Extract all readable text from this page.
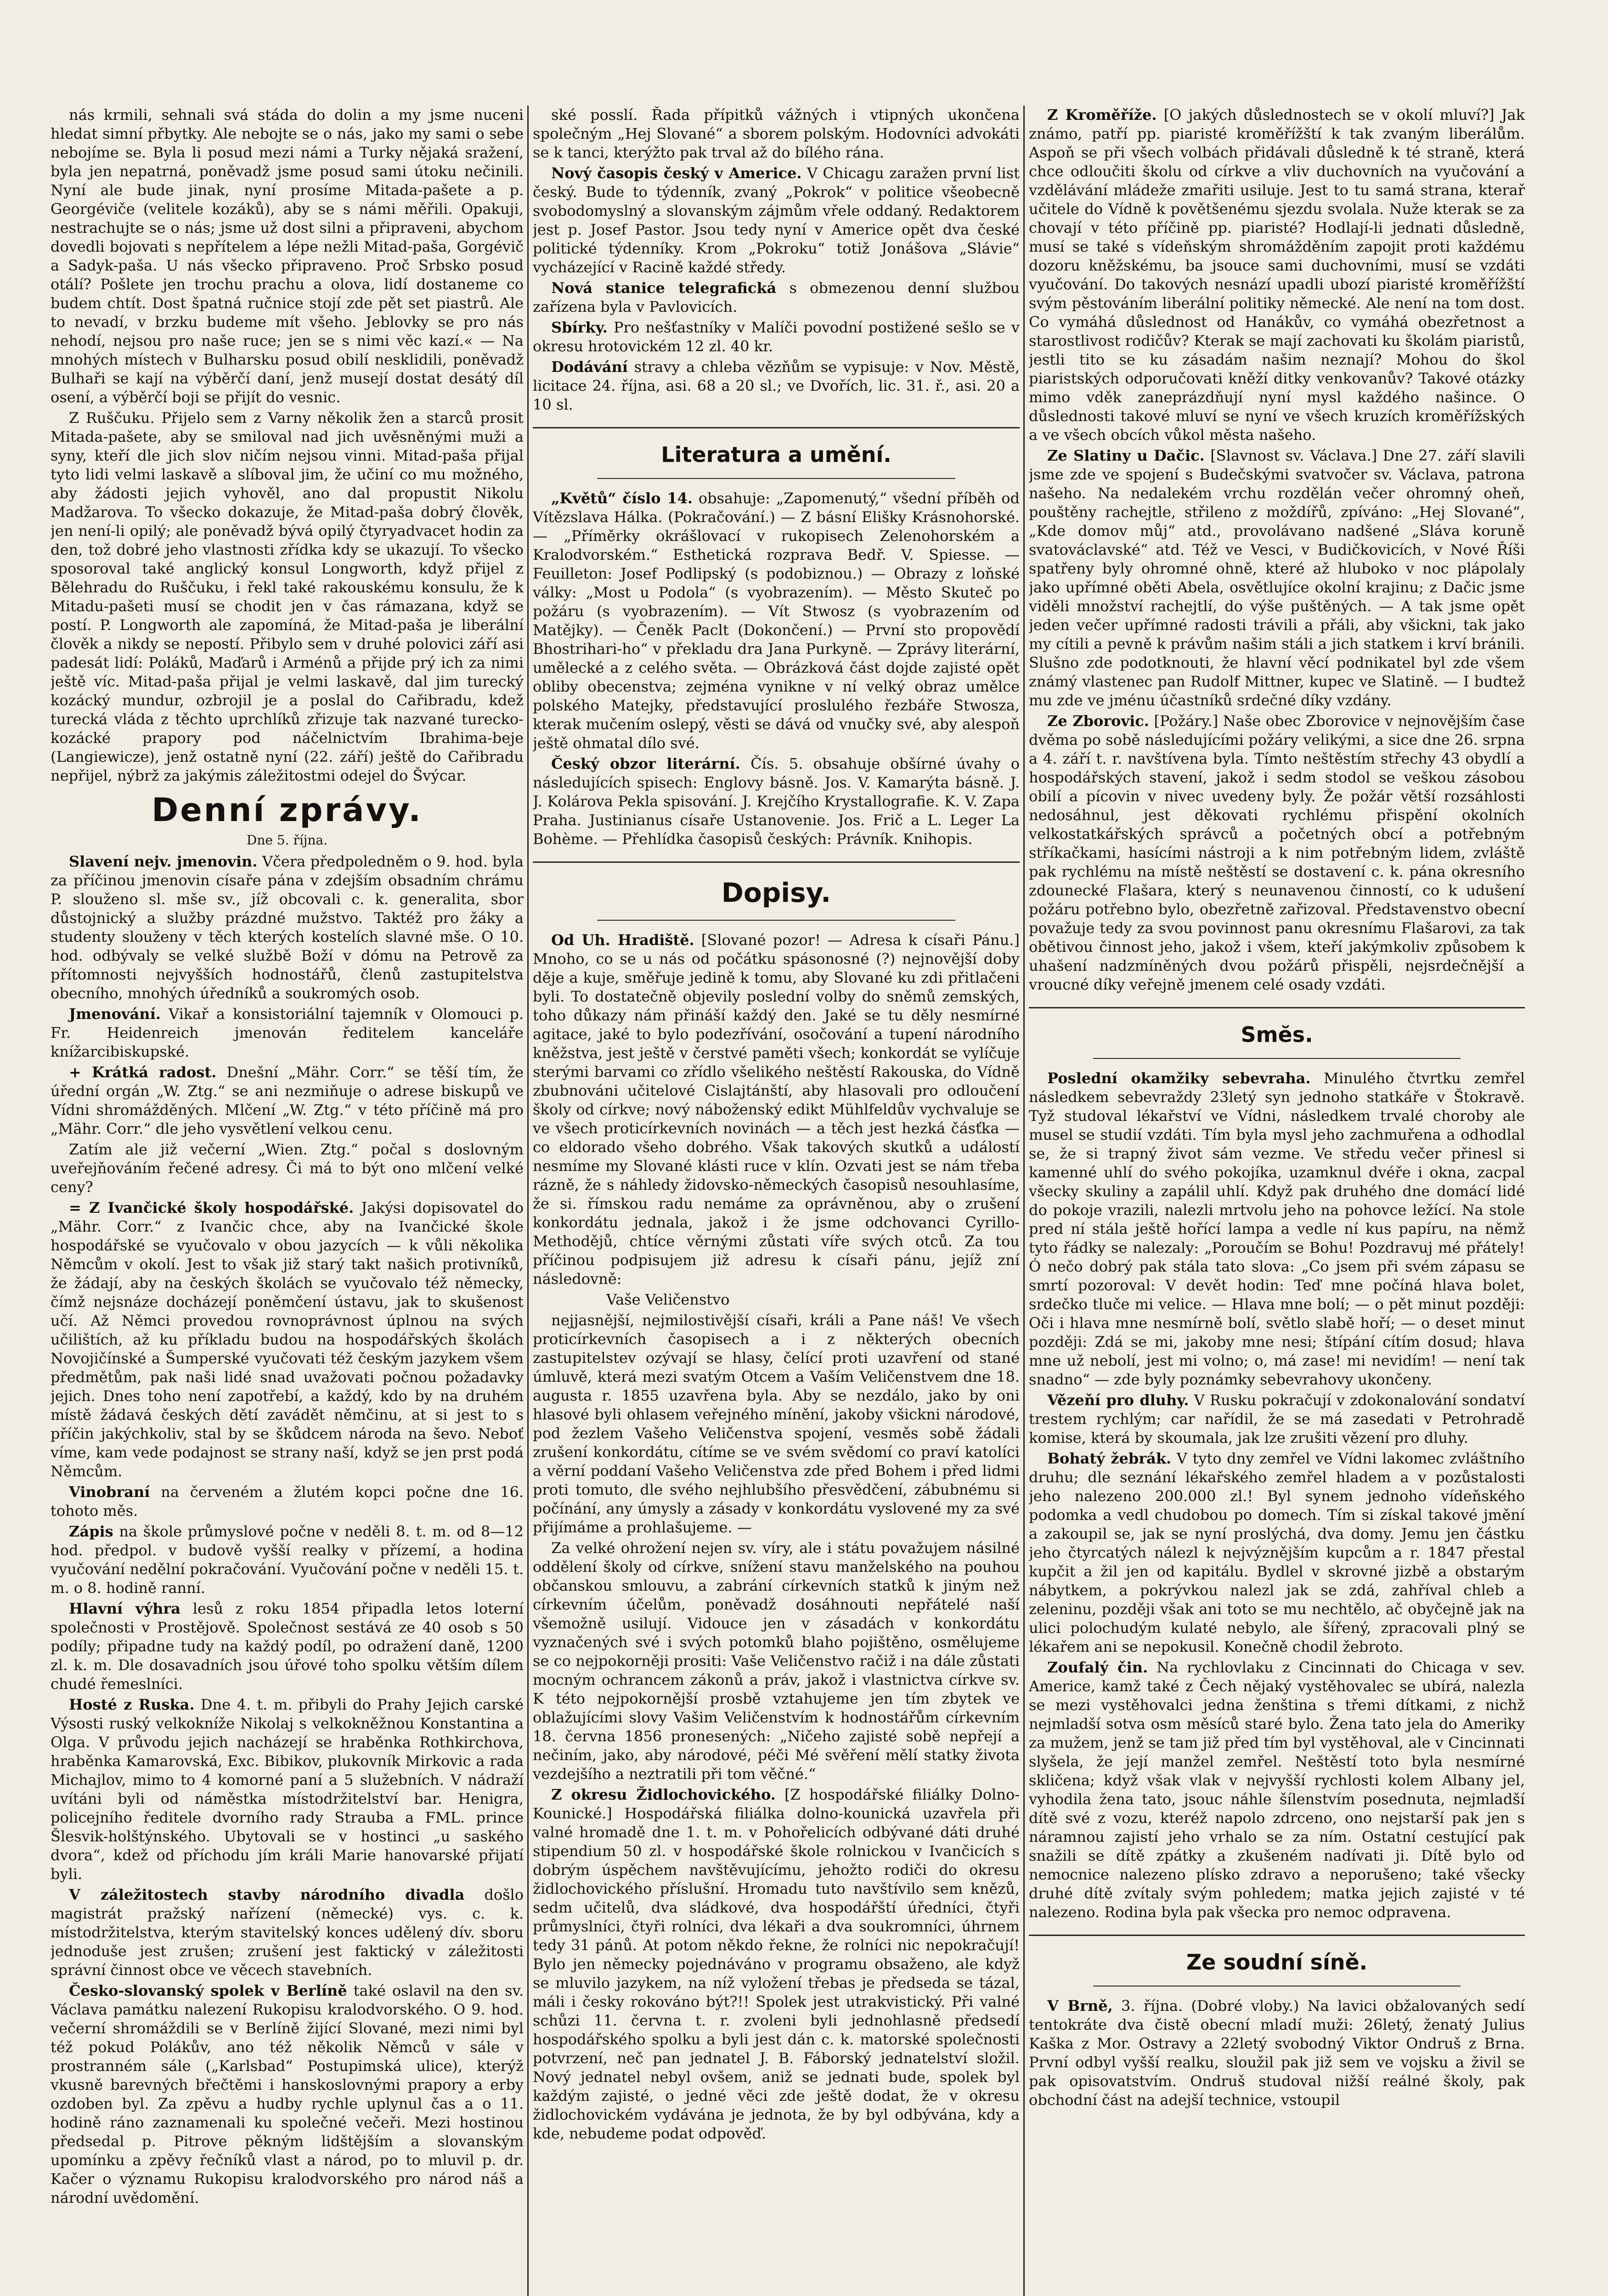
nás krmili, sehnali svá stáda do dolin a my jsme nuceni hledat simní přbytky. Ale nebojte se o nás, jako my sami o sebe nebojíme se. Byla li posud mezi námi a Turky nějaká sražení, byla jen nepatrná, poněvadž jsme posud sami útoku nečinili. Nyní ale bude jinak, nyní prosíme Mitada-pašete a p. Georgéviče (velitele kozáků), aby se s námi měřili. Opakuji, nestrachujte se o nás; jsme už dost silni a připraveni, abychom dovedli bojovati s nepřítelem a lépe nežli Mitad-paša, Gorgévič a Sadyk-paša. U nás všecko připraveno. Proč Srbsko posud otálí? Pošlete jen trochu prachu a olova, lidí dostaneme co budem chtít. Dost špatná ručnice stojí zde pět set piastrů. Ale to nevadí, v brzku budeme mít všeho. Jeblovky se pro nás nehodí, nejsou pro naše ruce; jen se s nimi věc kazí.« — Na mnohých místech v Bulharsku posud obilí nesklidili, poněvadž Bulhaři se kají na výběrčí daní, jenž musejí dostat desátý díl osení, a výběrčí boji se přijít do vesnic.

Z Ruščuku. Přijelo sem z Varny několik žen a starců prosit Mitada-pašete, aby se smiloval nad jich uvěsněnými muži a syny, kteří dle jich slov ničím nejsou vinni. Mitad-paša přijal tyto lidi velmi laskavě a slíboval jim, že učiní co mu možného, aby žádosti jejich vyhověl, ano dal propustit Nikolu Madžarova. To všecko dokazuje, že Mitad-paša dobrý člověk, jen není-li opilý; ale poněvadž bývá opilý čtyryadvacet hodin za den, tož dobré jeho vlastnosti zřídka kdy se ukazují. To všecko sposoroval také anglický konsul Longworth, když přijel z Bělehradu do Ruščuku, i řekl také rakouskému konsulu, že k Mitadu-pašeti musí se chodit jen v čas rámazana, když se postí. P. Longworth ale zapomíná, že Mitad-paša je liberální člověk a nikdy se nepostí. Přibylo sem v druhé polovici září asi padesát lidí: Poláků, Maďarů i Arménů a přijde prý ich za nimi ještě víc. Mitad-paša přijal je velmi laskavě, dal jim turecký kozácký mundur, ozbrojil je a poslal do Cařibradu, kdež turecká vláda z těchto uprchlíků zřizuje tak nazvané turecko-kozácké prapory pod náčelnictvím Ibrahima-beje (Langiewicze), jenž ostatně nyní (22. září) ještě do Cařibradu nepřijel, nýbrž za jakýmis záležitostmi odejel do Švýcar.

Denní zprávy.
Dne 5. října.

Slavení nejv. jmenovin. Včera předpoledněm o 9. hod. byla za příčinou jmenovin císaře pána v zdejším obsadním chrámu P. slouženo sl. mše sv., jíž obcovali c. k. generalita, sbor důstojnický a služby prázdné mužstvo. Taktéž pro žáky a studenty slouženy v těch kterých kostelích slavné mše. O 10. hod. odbývaly se velké službě Boží v dómu na Petrově za přítomnosti nejvyšších hodnostářů, členů zastupitelstva obecního, mnohých úředníků a soukromých osob.

Jmenování. Vikař a konsistoriální tajemník v Olomouci p. Fr. Heidenreich jmenován ředitelem kanceláře knížarcibiskupské.

+ Krátká radost. Dnešní „Mähr. Corr.“ se těší tím, že úřední orgán „W. Ztg.“ se ani nezmiňuje o adrese biskupů ve Vídni shromážděných. Mlčení „W. Ztg.“ v této příčině má pro „Mähr. Corr.“ dle jeho vysvětlení velkou cenu.

Zatím ale již večerní „Wien. Ztg.“ počal s doslovným uveřejňováním řečené adresy. Či má to být ono mlčení velké ceny?

= Z Ivančické školy hospodářské. Jakýsi dopisovatel do „Mähr. Corr.“ z Ivančic chce, aby na Ivančické škole hospodářské se vyučovalo v obou jazycích — k vůli několika Němcům v okolí. Jest to však již starý takt našich protivníků, že žádají, aby na českých školách se vyučovalo též německy, čímž nejsnáze docházejí poněmčení ústavu, jak to skušenost učí. Až Němci provedou rovnoprávnost úplnou na svých učilištích, až ku příkladu budou na hospodářských školách Novojičínské a Šumperské vyučovati též českým jazykem všem předmětům, pak naši lidé snad uvažovati počnou požadavky jejich. Dnes toho není zapotřebí, a každý, kdo by na druhém místě žádavá českých dětí zavádět němčinu, at si jest to s příčin jakýchkoliv, stal by se škůdcem národa na ševo. Neboť víme, kam vede podajnost se strany naší, když se jen prst podá Němcům.

Vinobraní na červeném a žlutém kopci počne dne 16. tohoto měs.

Zápis na škole průmyslové počne v neděli 8. t. m. od 8—12 hod. předpol. v budově vyšší realky v přízemí, a hodina vyučování nedělní pokračování. Vyučování počne v neděli 15. t. m. o 8. hodině ranní.

Hlavní výhra lesů z roku 1854 připadla letos loterní společnosti v Prostějově. Společnost sestává ze 40 osob s 50 podíly; připadne tudy na každý podíl, po odražení daně, 1200 zl. k. m. Dle dosavadních jsou úřové toho spolku větším dílem chudé řemeslníci.

Hosté z Ruska. Dne 4. t. m. přibyli do Prahy Jejich carské Výsosti ruský velkokníže Nikolaj s velkokněžnou Konstantina a Olga. V průvodu jejich nacházejí se hraběnka Rothkirchova, hraběnka Kamarovská, Exc. Bibikov, plukovník Mirkovic a rada Michajlov, mimo to 4 komorné paní a 5 služebních. V nádraží uvítáni byli od náměstka místodržitelství bar. Henigra, policejního ředitele dvorního rady Strauba a FML. prince Šlesvik-holštýnského. Ubytovali se v hostinci „u saského dvora“, kdež od příchodu jím králi Marie hanovarské přijatí byli.

V záležitostech stavby národního divadla došlo magistrát pražský nařízení (německé) vys. c. k. místodržitelstva, kterým stavitelský konces udělený dív. sboru jednoduše jest zrušen; zrušení jest faktický v záležitosti správní činnost obce ve věcech stavebních.

Česko-slovanský spolek v Berlíně také oslavil na den sv. Václava památku nalezení Rukopisu kralodvorského. O 9. hod. večerní shromáždili se v Berlíně žijící Slované, mezi nimi byl též pokud Polákův, ano též několik Němců v sále v prostranném sále („Karlsbad“ Postupimská ulice), kterýž vkusně barevných břečtěmi i hanskoslovnými prapory a erby ozdoben byl. Za zpěvu a hudby rychle uplynul čas a o 11. hodině ráno zaznamenali ku společné večeři. Mezi hostinou předsedal p. Pitrove pěkným lidštějším a slovanským upomínku a zpěvy řečníků vlast a národ, po to mluvil p. dr. Kačer o významu Rukopisu kralodvorského pro národ náš a národní uvědomění.

ské posslí. Řada přípitků vážných i vtipných ukončena společným „Hej Slované“ a sborem polským. Hodovníci advokáti se k tanci, kterýžto pak trval až do bílého rána.

Nový časopis český v Americe. V Chicagu zaražen první list český. Bude to týdenník, zvaný „Pokrok“ v politice všeobecně svobodomyslný a slovanským zájmům vřele oddaný. Redaktorem jest p. Josef Pastor. Jsou tedy nyní v Americe opět dva české politické týdenníky. Krom „Pokroku“ totiž Jonášova „Slávie“ vycházející v Racině každé středy.

Nová stanice telegrafická s obmezenou denní službou zařízena byla v Pavlovicích.

Sbírky. Pro nešťastníky v Malíči povodní postižené sešlo se v okresu hrotovickém 12 zl. 40 kr.

Dodávání stravy a chleba vězňům se vypisuje: v Nov. Městě, licitace 24. října, asi. 68 a 20 sl.; ve Dvořích, lic. 31. ř., asi. 20 a 10 sl.

Literatura a umění.

„Květů“ číslo 14. obsahuje: „Zapomenutý,“ všední příběh od Vítězslava Hálka. (Pokračování.) — Z básní Elišky Krásnohorské. — „Příměrky okrášlovací v rukopisech Zelenohorském a Kralodvorském.“ Esthetická rozprava Bedř. V. Spiesse. — Feuilleton: Josef Podlipský (s podobiznou.) — Obrazy z loňské války: „Most u Podola“ (s vyobrazením). — Město Skuteč po požáru (s vyobrazením). — Vít Stwosz (s vyobrazením od Matějky). — Čeněk Paclt (Dokončení.) — První sto propovědí Bhostrihari-ho“ v překladu dra Jana Purkyně. — Zprávy literární, umělecké a z celého světa. — Obrázková část dojde zajisté opět obliby obecenstva; zejména vynikne v ní velký obraz umělce polského Matejky, představující proslulého řezbáře Stwosza, kterak mučením oslepý, věsti se dává od vnučky své, aby alespoň ještě ohmatal dílo své.

Český obzor literární. Čís. 5. obsahuje obšírné úvahy o následujících spisech: Englovy básně. Jos. V. Kamarýta básně. J. J. Kolárova Pekla spisování. J. Krejčího Krystallografie. K. V. Zapa Praha. Justinianus císaře Ustanovenie. Jos. Frič a L. Leger La Bohème. — Přehlídka časopisů českých: Právník. Knihopis.

Dopisy.

Od Uh. Hradiště. [Slované pozor! — Adresa k císaři Pánu.] Mnoho, co se u nás od počátku spásonosné (?) nejnovější doby děje a kuje, směřuje jedině k tomu, aby Slované ku zdi přitlačeni byli. To dostatečně objevily poslední volby do sněmů zemských, toho důkazy nám přináší každý den. Jaké se tu děly nesmírné agitace, jaké to bylo podezřívání, osočování a tupení národního kněžstva, jest ještě v čerstvé paměti všech; konkordát se vylíčuje sterými barvami co zřídlo všelikého neštěstí Rakouska, do Vídně zbubnováni učitelové Cislajtánští, aby hlasovali pro odloučení školy od církve; nový náboženský edikt Mühlfeldův vychvaluje se ve všech proticírkevních novinách — a těch jest hezká čásťka — co eldorado všeho dobrého. Však takových skutků a událostí nesmíme my Slované klásti ruce v klín. Ozvati jest se nám třeba rázně, že s náhledy židovsko-německých časopisů nesouhlasíme, že si. římskou radu nemáme za oprávněnou, aby o zrušení konkordátu jednala, jakož i že jsme odchovanci Cyrillo-Methodějů, chtíce věrnými zůstati víře svých otců. Za tou příčinou podpisujem již adresu k císaři pánu, jejíž zní následovně:

Vaše Veličenstvo

nejjasnější, nejmilostivější císaři, králi a Pane náš! Ve všech proticírkevních časopisech a i z některých obecních zastupitelstev ozývají se hlasy, čelící proti uzavření od stané úmluvě, která mezi svatým Otcem a Vaším Veličenstvem dne 18. augusta r. 1855 uzavřena byla. Aby se nezdálo, jako by oni hlasové byli ohlasem veřejného mínění, jakoby všickni národové, pod žezlem Vašeho Veličenstva spojení, vesměs sobě žádali zrušení konkordátu, cítíme se ve svém svědomí co praví katolíci a věrní poddaní Vašeho Veličenstva zde před Bohem i před lidmi proti tomuto, dle svého nejhlubšího přesvědčení, zábubnému si počínání, any úmysly a zásady v konkordátu vyslovené my za své přijímáme a prohlašujeme. —

Za velké ohrožení nejen sv. víry, ale i státu považujem násilné oddělení školy od církve, snížení stavu manželského na pouhou občanskou smlouvu, a zabrání církevních statků k jiným než církevním účelům, poněvadž dosáhnouti nepřátelé naší všemožně usilují. Vidouce jen v zásadách v konkordátu vyznačených své i svých potomků blaho pojištěno, osmělujeme se co nejpokorněji prositi: Vaše Veličenstvo račiž i na dále zůstati mocným ochrancem zákonů a práv, jakož i vlastnictva církve sv. K této nejpokornější prosbě vztahujeme jen tím zbytek ve oblažujícími slovy Vašim Veličenstvím k hodnostářům církevním 18. června 1856 pronesených: „Ničeho zajisté sobě nepřejí a nečiním, jako, aby národové, péči Mé svěření mělí statky života vezdejšího a neztratili při tom věčné.“

Z okresu Židlochovického. [Z hospodářské filiálky Dolno-Kounické.] Hospodářská filiálka dolno-kounická uzavřela při valné hromadě dne 1. t. m. v Pohořelicích odbývané dáti druhé stipendium 50 zl. v hospodářské škole rolnickou v Ivančicích s dobrým úspěchem navštěvujícímu, jehožto rodiči do okresu židlochovického příslušní. Hromadu tuto navštívilo sem knězů, sedm učitelů, dva sládkové, dva hospodářští úředníci, čtyři průmyslníci, čtyři rolníci, dva lékaři a dva soukromníci, úhrnem tedy 31 pánů. At potom někdo řekne, že rolníci nic nepokračují! Bylo jen německy pojednáváno v programu obsaženo, ale když se mluvilo jazykem, na níž vyložení třebas je předseda se tázal, máli i česky rokováno být?!! Spolek jest utrakvistický. Při valné schůzi 11. června t. r. zvoleni byli jednohlasně předsedí hospodářského spolku a byli jest dán c. k. matorské společnosti potvrzení, neč pan jednatel J. B. Fáborský jednatelství složil. Nový jednatel nebyl ovšem, aniž se jednati bude, spolek byl každým zajisté, o jedné věci zde ještě dodat, že v okresu židlochovickém vydávána je jednota, že by byl odbývána, kdy a kde, nebudeme podat odpověď.

Z Kroměříže. [O jakých důslednostech se v okolí mluví?] Jak známo, patří pp. piaristé kroměřížští k tak zvaným liberálům. Aspoň se při všech volbách přidávali důsledně k té straně, která chce odloučiti školu od církve a vliv duchovních na vyučování a vzdělávání mládeže zmařiti usiluje. Jest to tu samá strana, kterař učitele do Vídně k povětšenému sjezdu svolala. Nuže kterak se za chovají v této příčině pp. piaristé? Hodlají-li jednati důsledně, musí se také s vídeňským shromážděním zapojit proti každému dozoru kněžskému, ba jsouce sami duchovními, musí se vzdáti vyučování. Do takových nesnází upadli ubozí piaristé kroměřížští svým pěstováním liberální politiky německé. Ale není na tom dost. Co vymáhá důslednost od Hanákův, co vymáhá obezřetnost a starostlivost rodičův? Kterak se mají zachovati ku školám piaristů, jestli tito se ku zásadám našim neznají? Mohou do škol piaristských odporučovati kněží ditky venkovanův? Takové otázky mimo vděk zaneprázdňují nyní mysl každého našince. O důslednosti takové mluví se nyní ve všech kruzích kroměřížských a ve všech obcích vůkol města našeho.

Ze Slatiny u Dačic. [Slavnost sv. Václava.] Dne 27. září slavili jsme zde ve spojení s Budečskými svatvočer sv. Václava, patrona našeho. Na nedalekém vrchu rozdělán večer ohromný oheň, pouštěny rachejtle, střileno z moždířů, zpíváno: „Hej Slované“, „Kde domov můj“ atd., provolávano nadšené „Sláva koruně svatováclavské“ atd. Též ve Vesci, v Budičkovicích, v Nové Říši spatřeny byly ohromné ohně, které až hluboko v noc plápolaly jako upřímné oběti Abela, osvětlujíce okolní krajinu; z Dačic jsme viděli množství rachejtlí, do výše puštěných. — A tak jsme opět jeden večer upřímné radosti trávili a přáli, aby všickni, tak jako my cítili a pevně k právům našim stáli a jich statkem i krví bránili. Slušno zde podotknouti, že hlavní věcí podnikatel byl zde všem známý vlastenec pan Rudolf Mittner, kupec ve Slatině. — I budtež mu zde ve jménu účastníků srdečné díky vzdány.

Ze Zborovic. [Požáry.] Naše obec Zborovice v nejnovějším čase dvěma po sobě následujícími požáry velikými, a sice dne 26. srpna a 4. září t. r. navštívena byla. Tímto neštěstím střechy 43 obydlí a hospodářských stavení, jakož i sedm stodol se veškou zásobou obilí a pícovin v nivec uvedeny byly. Že požár větší rozsáhlosti nedosáhnul, jest děkovati rychlému přispění okolních velkostatkářských správců a početných obcí a potřebným stříkačkami, hasícími nástroji a k nim potřebným lidem, zvláště pak rychlému na místě neštěstí se dostavení c. k. pána okresního zdounecké Flašara, který s neunavenou činností, co k udušení požáru potřebno bylo, obezřetně zařizoval. Představenstvo obecní považuje tedy za svou povinnost panu okresnímu Flašarovi, za tak obětivou činnost jeho, jakož i všem, kteří jakýmkoliv způsobem k uhašení nadzmíněných dvou požárů přispěli, nejsrdečnější a vroucné díky veřejně jmenem celé osady vzdáti.

Smĕs.

Poslední okamžiky sebevraha. Minulého čtvrtku zemřel následkem sebevraždy 23letý syn jednoho statkáře v Štokravě. Tyž studoval lékařství ve Vídni, následkem trvalé choroby ale musel se studií vzdáti. Tím byla mysl jeho zachmuřena a odhodlal se, že si trapný život sám vezme. Ve středu večer přinesl si kamenné uhlí do svého pokojíka, uzamknul dvéře i okna, zacpal všecky skuliny a zapálil uhlí. Když pak druhého dne domácí lidé do pokoje vrazili, nalezli mrtvolu jeho na pohovce ležící. Na stole pred ní stála ještě hořící lampa a vedle ní kus papíru, na němž tyto řádky se nalezaly: „Poroučím se Bohu! Pozdravuj mé přátely! Ó nečo dobrý pak stála tato slova: „Co jsem při svém zápasu se smrtí pozoroval: V devět hodin: Teď mne počíná hlava bolet, srdečko tluče mi velice. — Hlava mne bolí; — o pět minut později: Oči i hlava mne nesmírně bolí, světlo slabě hoří; — o deset minut později: Zdá se mi, jakoby mne nesi; štípání cítím dosud; hlava mne už nebolí, jest mi volno; o, má zase! mi nevidím! — není tak snadno“ — zde byly poznámky sebevrahovy ukončeny.

Vězeňí pro dluhy. V Rusku pokračují v zdokonalování sondatví trestem rychlým; car nařídil, že se má zasedati v Petrohradě komise, která by skoumala, jak lze zrušiti vězení pro dluhy.

Bohatý žebrák. V tyto dny zemřel ve Vídni lakomec zvláštního druhu; dle seznání lékařského zemřel hladem a v pozůstalosti jeho nalezeno 200.000 zl.! Byl synem jednoho vídeňského podomka a vedl chudobou po domech. Tím si získal takové jmění a zakoupil se, jak se nyní proslýchá, dva domy. Jemu jen částku jeho čtyrcatých nálezl k nejvýznějším kupcům a r. 1847 přestal kupčit a žil jen od kapitálu. Bydlel v skrovné jizbě a obstarým nábytkem, a pokrývkou nalezl jak se zdá, zahříval chleb a zeleninu, později však ani toto se mu nechtělo, ač obyčejně jak na ulici polochudým kulaté nebylo, ale šířený, zpracovali plný se lékařem ani se nepokusil. Konečně chodil žebroto.

Zoufalý čin. Na rychlovlaku z Cincinnati do Chicaga v sev. Americe, kamž také z Čech nějaký vystěhovalec se ubírá, nalezla se mezi vystěhovalci jedna ženština s třemi dítkami, z nichž nejmladší sotva osm měsíců staré bylo. Žena tato jela do Ameriky za mužem, jenž se tam již před tím byl vystěhoval, ale v Cincinnati slyšela, že její manžel zemřel. Neštěstí toto byla nesmírné skličena; když však vlak v nejvyšší rychlosti kolem Albany jel, vyhodila žena tato, jsouc náhle šílenstvím posednuta, nejmladší dítě své z vozu, kteréž napolo zdrceno, ono nejstarší pak jen s náramnou zajistí jeho vrhalo se za ním. Ostatní cestující pak snažili se dítě zpátky a zkušeném nadívati ji. Dítě bylo od nemocnice nalezeno plísko zdravo a neporušeno; také všecky druhé dítě zvítaly svým pohledem; matka jejich zajisté v té nalezeno. Rodina byla pak všecka pro nemoc odpravena.

Ze soudní síně.

V Brně, 3. října. (Dobré vloby.) Na lavici obžalovaných sedí tentokráte dva čistě obecní mladí muži: 26letý, ženatý Julius Kaška z Mor. Ostravy a 22letý svobodný Viktor Ondruš z Brna. První odbyl vyšší realku, sloužil pak již sem ve vojsku a živil se pak opisovatstvím. Ondruš studoval nižší reálné školy, pak obchodní část na adejší technice, vstoupil
